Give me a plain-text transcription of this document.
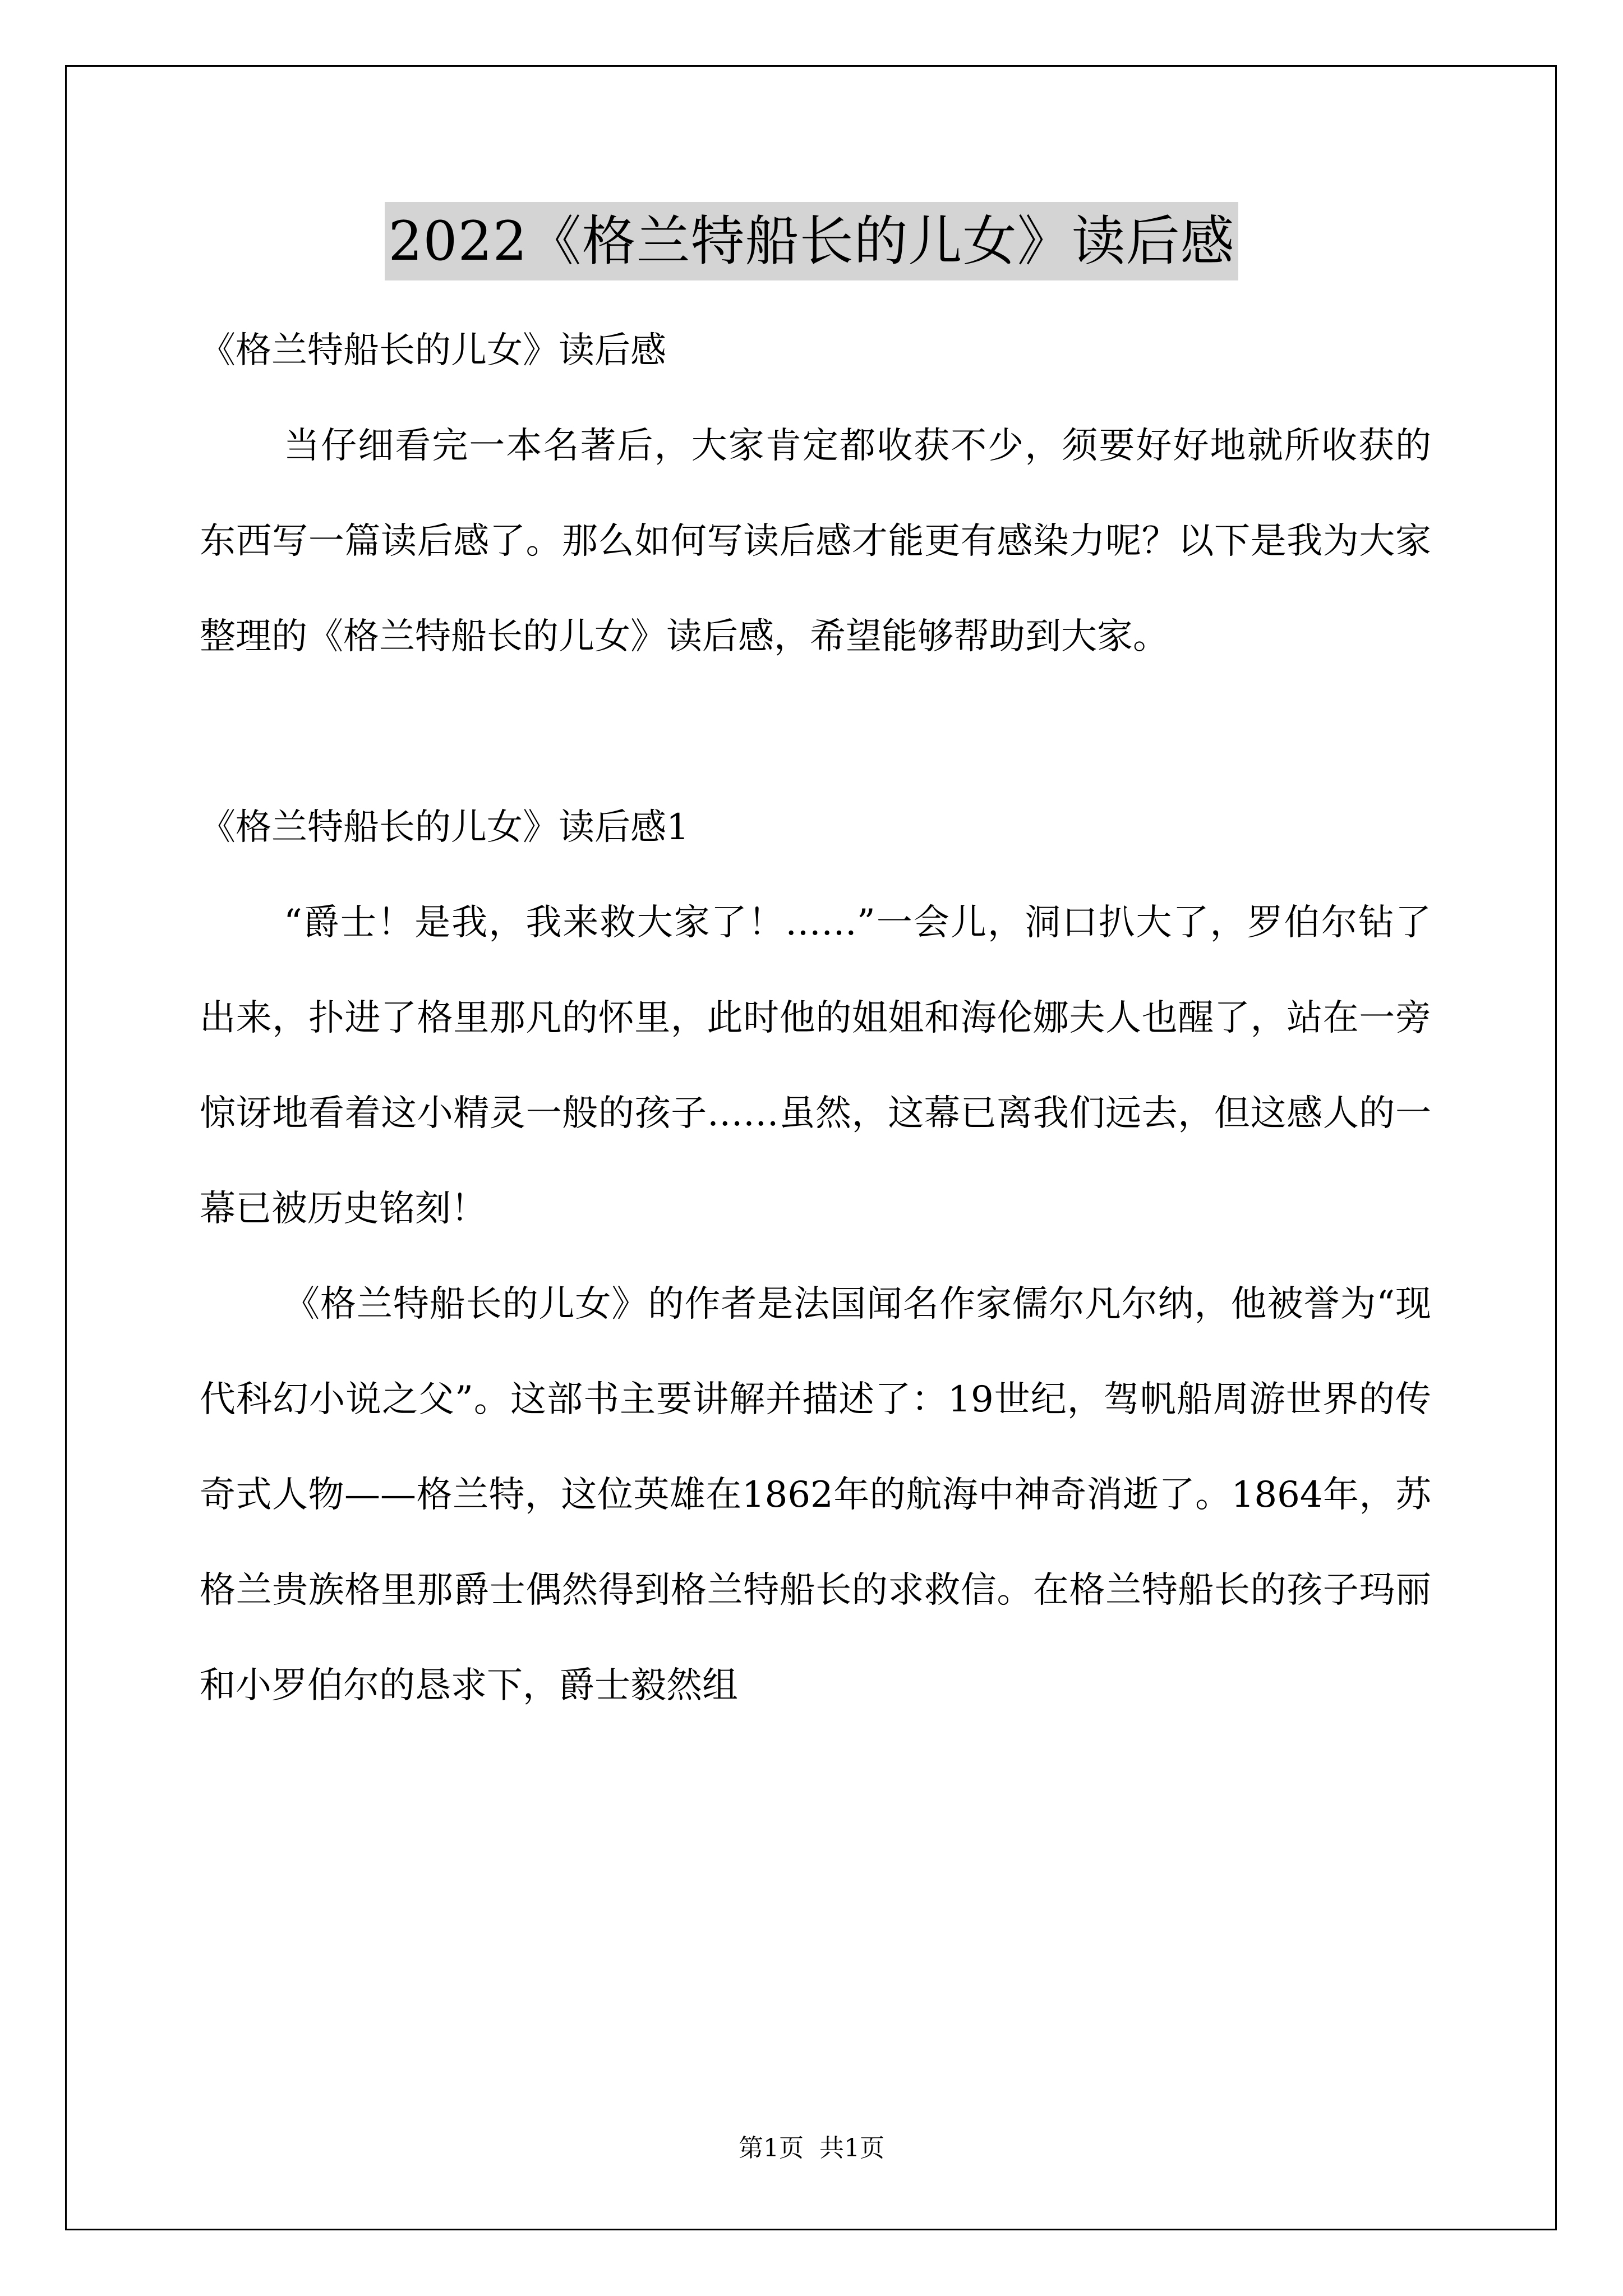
2022《格兰特船长的儿女》读后感

《格兰特船长的儿女》读后感

当仔细看完一本名著后，大家肯定都收获不少，须要好好地就所收获的东西写一篇读后感了。那么如何写读后感才能更有感染力呢？以下是我为大家整理的《格兰特船长的儿女》读后感，希望能够帮助到大家。

《格兰特船长的儿女》读后感1

“爵士！是我，我来救大家了！……”一会儿，洞口扒大了，罗伯尔钻了出来，扑进了格里那凡的怀里，此时他的姐姐和海伦娜夫人也醒了，站在一旁惊讶地看着这小精灵一般的孩子……虽然，这幕已离我们远去，但这感人的一幕已被历史铭刻！

《格兰特船长的儿女》的作者是法国闻名作家儒尔凡尔纳，他被誉为“现代科幻小说之父”。这部书主要讲解并描述了：19世纪，驾帆船周游世界的传奇式人物——格兰特，这位英雄在1862年的航海中神奇消逝了。1864年，苏格兰贵族格里那爵士偶然得到格兰特船长的求救信。在格兰特船长的孩子玛丽和小罗伯尔的恳求下，爵士毅然组

第1页 共1页
